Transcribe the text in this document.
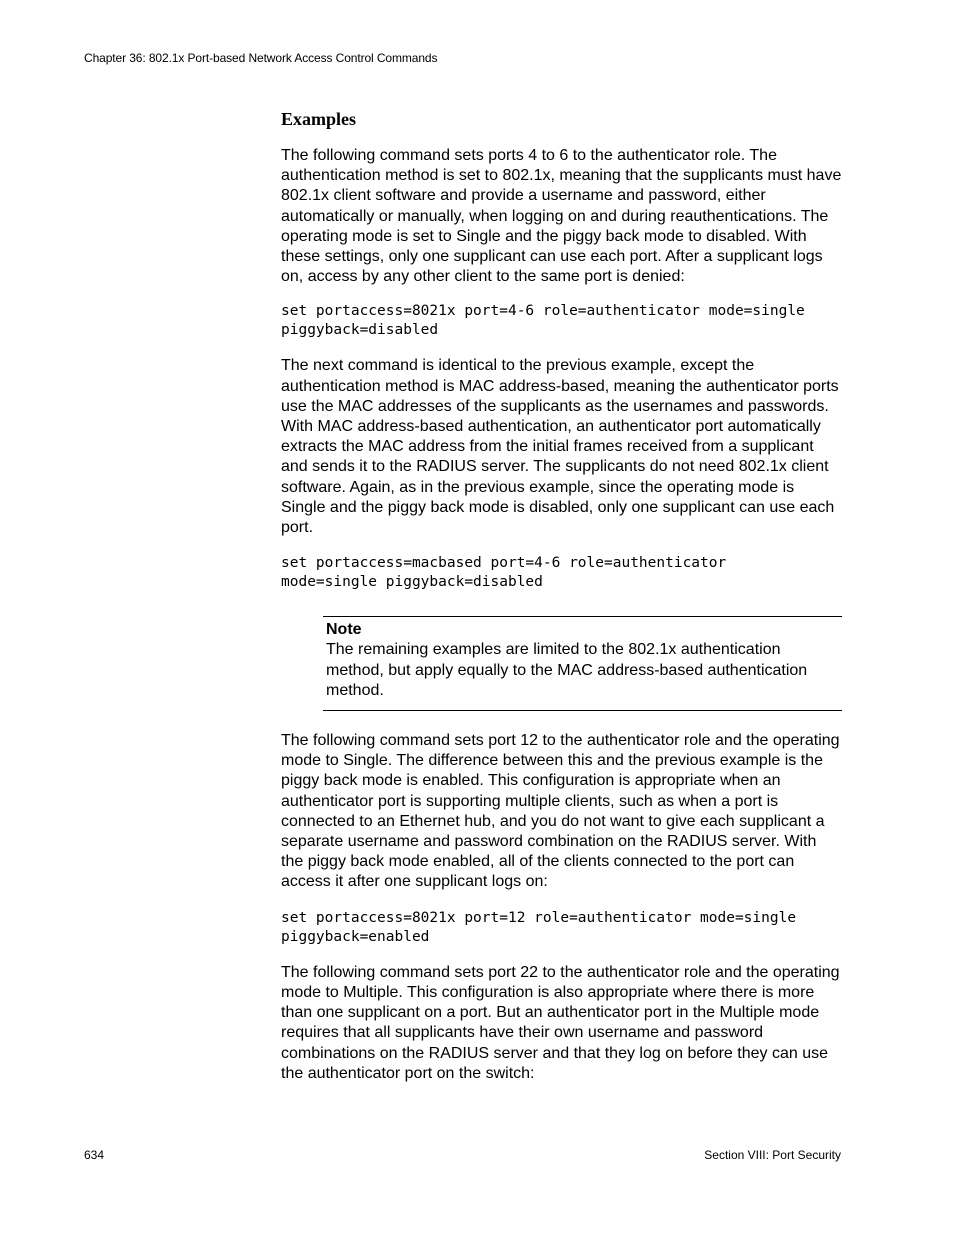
Chapter 36: 802.1x Port-based Network Access Control Commands
Examples

The following command sets ports 4 to 6 to the authenticator role. The authentication method is set to 802.1x, meaning that the supplicants must have 802.1x client software and provide a username and password, either automatically or manually, when logging on and during reauthentications. The operating mode is set to Single and the piggy back mode to disabled. With these settings, only one supplicant can use each port. After a supplicant logs on, access by any other client to the same port is denied:

set portaccess=8021x port=4-6 role=authenticator mode=single
piggyback=disabled

The next command is identical to the previous example, except the authentication method is MAC address-based, meaning the authenticator ports use the MAC addresses of the supplicants as the usernames and passwords. With MAC address-based authentication, an authenticator port automatically extracts the MAC address from the initial frames received from a supplicant and sends it to the RADIUS server. The supplicants do not need 802.1x client software. Again, as in the previous example, since the operating mode is Single and the piggy back mode is disabled, only one supplicant can use each port.

set portaccess=macbased port=4-6 role=authenticator
mode=single piggyback=disabled

Note

The remaining examples are limited to the 802.1x authentication method, but apply equally to the MAC address-based authentication method.

The following command sets port 12 to the authenticator role and the operating mode to Single. The difference between this and the previous example is the piggy back mode is enabled. This configuration is appropriate when an authenticator port is supporting multiple clients, such as when a port is connected to an Ethernet hub, and you do not want to give each supplicant a separate username and password combination on the RADIUS server. With the piggy back mode enabled, all of the clients connected to the port can access it after one supplicant logs on:

set portaccess=8021x port=12 role=authenticator mode=single
piggyback=enabled

The following command sets port 22 to the authenticator role and the operating mode to Multiple. This configuration is also appropriate where there is more than one supplicant on a port. But an authenticator port in the Multiple mode requires that all supplicants have their own username and password combinations on the RADIUS server and that they log on before they can use the authenticator port on the switch:

634	Section VIII: Port Security
